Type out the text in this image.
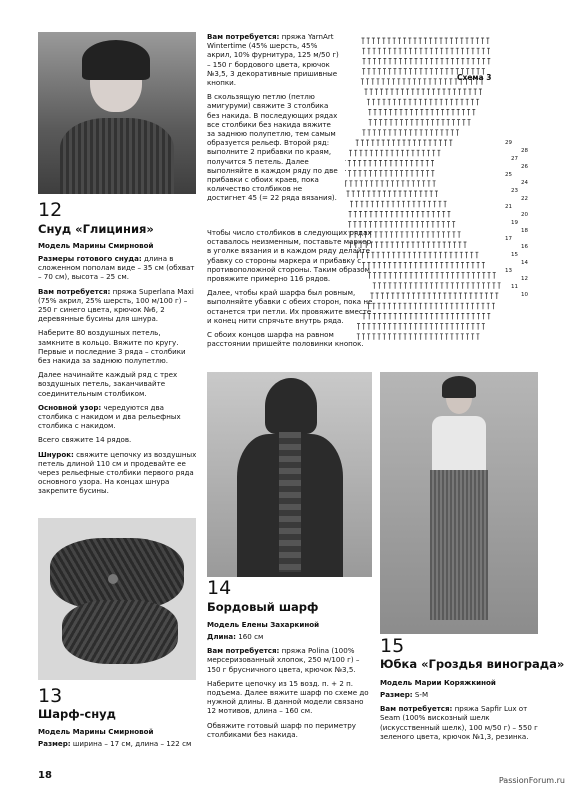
12
Снуд «Глициния»
Модель Марины Смирновой

Размеры готового снуда: длина в сложенном пополам виде – 35 см (обхват – 70 см), высота – 25 см.

Вам потребуется: пряжа Superlana Maxi (75% акрил, 25% шерсть, 100 м/100 г) – 250 г синего цвета, крючок №6, 2 деревянные бусины для шнура.

Наберите 80 воздушных петель, замкните в кольцо. Вяжите по кругу. Первые и последние 3 ряда – столбики без накида за заднюю полупетлю.

Далее начинайте каждый ряд с трех воздушных петель, заканчивайте соединительным столбиком.

Основной узор: чередуются два столбика с накидом и два рельефных столбика с накидом.

Всего свяжите 14 рядов.

Шнурок: свяжите цепочку из воздушных петель длиной 110 см и продевайте ее через рельефные столбики первого ряда основного узора. На концах шнура закрепите бусины.

13
Шарф-снуд
Модель Марины Смирновой

Размер: ширина – 17 см, длина – 122 см

Вам потребуется: пряжа YarnArt Wintertime (45% шерсть, 45% акрил, 10% фурнитура, 125 м/50 г) – 150 г бордового цвета, крючок №3,5, 3 декоративные пришивные кнопки.

В скользящую петлю (петлю амигуруми) свяжите 3 столбика без накида. В последующих рядах все столбики без накида вяжите за заднюю полупетлю, тем самым образуется рельеф. Второй ряд: выполните 2 прибавки по краям, получится 5 петель. Далее выполняйте в каждом ряду по две прибавки с обоих краев, пока количество столбиков не достигнет 45 (= 22 ряда вязания).

Чтобы число столбиков в следующих рядах оставалось неизменным, поставьте маркер в уголке вязания и в каждом ряду делайте убавку со стороны маркера и прибавку с противоположной стороны. Таким образом провяжите примерно 116 рядов.

Далее, чтобы край шарфа был ровным, выполняйте убавки с обеих сторон, пока не останется три петли. Их провяжите вместе и конец нити спрячьте внутрь ряда.

С обоих концов шарфа на равном расстоянии пришейте половинки кнопок.

14
Бордовый шарф
Модель Елены Захаркиной

Длина: 160 см

Вам потребуется: пряжа Polina (100% мерсеризованный хлопок, 250 м/100 г) – 150 г брусничного цвета, крючок №3,5.

Наберите цепочку из 15 возд. п. + 2 п. подъема. Далее вяжите шарф по схеме до нужной длины. В данной модели связано 12 мотивов, длина – 160 см.

Обвяжите готовый шарф по периметру столбиками без накида.

15
Юбка «Гроздья винограда»
Модель Марии Коряжкиной

Размер: S-M

Вам потребуется: пряжа Sapfir Lux от Seam (100% вискозный шелк (искусственный шелк), 100 м/50 г) – 550 г зеленого цвета, крючок №1,3, резинка.

Схема 3
29
27
25
23
21
19
17
15
13
11
28
26
24
22
20
18
16
14
12
10
18	PassionForum.ru
